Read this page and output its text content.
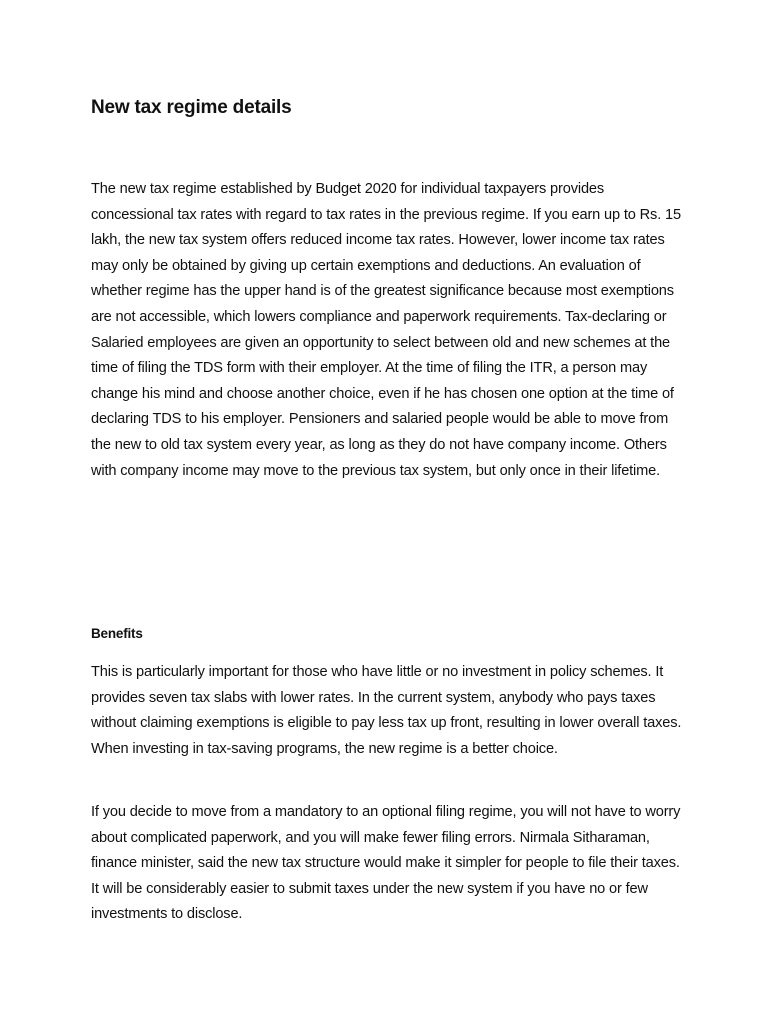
New tax regime details

The new tax regime established by Budget 2020 for individual taxpayers provides concessional tax rates with regard to tax rates in the previous regime. If you earn up to Rs. 15 lakh, the new tax system offers reduced income tax rates. However, lower income tax rates may only be obtained by giving up certain exemptions and deductions. An evaluation of whether regime has the upper hand is of the greatest significance because most exemptions are not accessible, which lowers compliance and paperwork requirements. Tax-declaring or Salaried employees are given an opportunity to select between old and new schemes at the time of filing the TDS form with their employer. At the time of filing the ITR, a person may change his mind and choose another choice, even if he has chosen one option at the time of declaring TDS to his employer. Pensioners and salaried people would be able to move from the new to old tax system every year, as long as they do not have company income. Others with company income may move to the previous tax system, but only once in their lifetime.

Benefits

This is particularly important for those who have little or no investment in policy schemes. It provides seven tax slabs with lower rates. In the current system, anybody who pays taxes without claiming exemptions is eligible to pay less tax up front, resulting in lower overall taxes. When investing in tax-saving programs, the new regime is a better choice.

If you decide to move from a mandatory to an optional filing regime, you will not have to worry about complicated paperwork, and you will make fewer filing errors. Nirmala Sitharaman, finance minister, said the new tax structure would make it simpler for people to file their taxes. It will be considerably easier to submit taxes under the new system if you have no or few investments to disclose.
